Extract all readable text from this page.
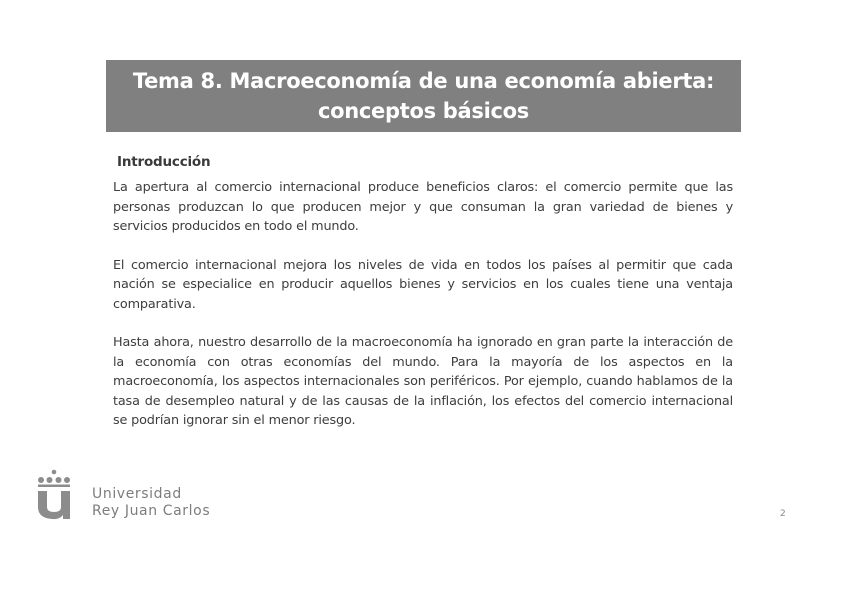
Tema 8. Macroeconomía de una economía abierta:
conceptos básicos
Introducción

La apertura al comercio internacional produce beneficios claros: el comercio permite que las personas produzcan lo que producen mejor y que consuman la gran variedad de bienes y servicios producidos en todo el mundo.

El comercio internacional mejora los niveles de vida en todos los países al permitir que cada nación se especialice en producir aquellos bienes y servicios en los cuales tiene una ventaja comparativa.

Hasta ahora, nuestro desarrollo de la macroeconomía ha ignorado en gran parte la interacción de la economía con otras economías del mundo. Para la mayoría de los aspectos en la macroeconomía, los aspectos internacionales son periféricos. Por ejemplo, cuando hablamos de la tasa de desempleo natural y de las causas de la inflación, los efectos del comercio internacional se podrían ignorar sin el menor riesgo.

Universidad
Rey Juan Carlos	2
